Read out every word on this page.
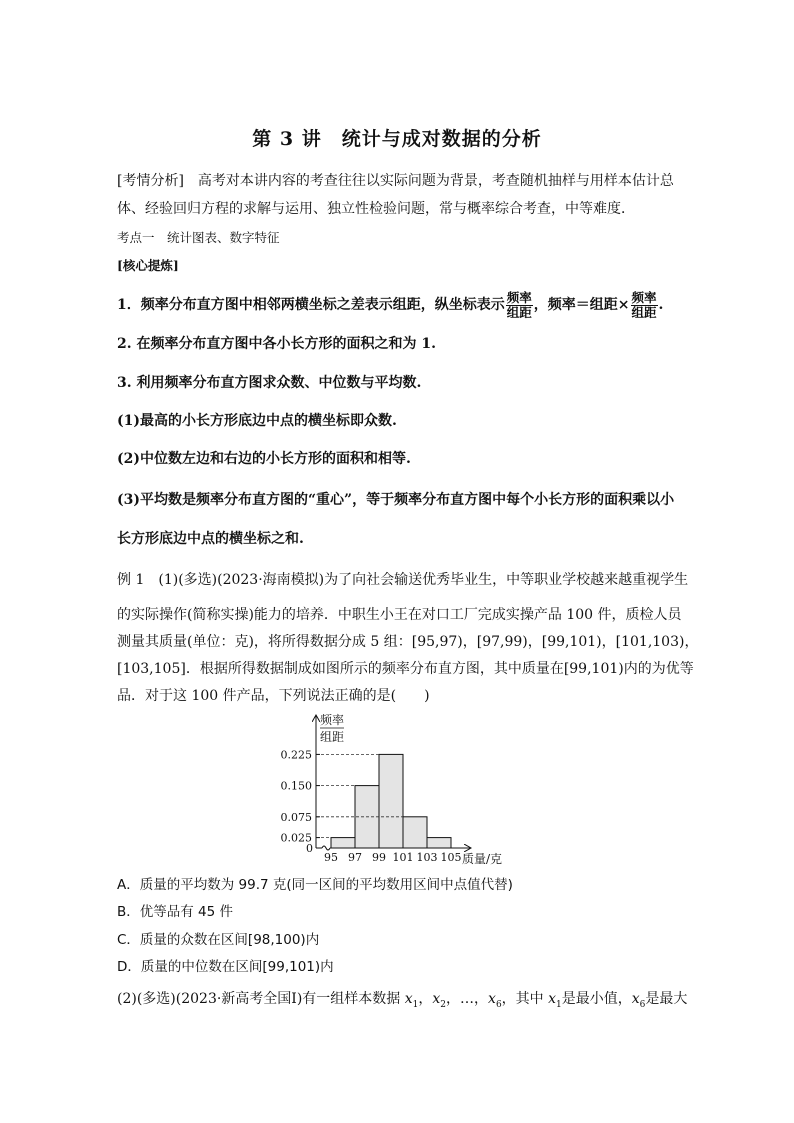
第 3 讲　统计与成对数据的分析
[考情分析]　高考对本讲内容的考查往往以实际问题为背景，考查随机抽样与用样本估计总
体、经验回归方程的求解与运用、独立性检验问题，常与概率综合考查，中等难度．
考点一　统计图表、数字特征
[核心提炼]
1．频率分布直方图中相邻两横坐标之差表示组距，纵坐标表示 $\frac{\text{频率}}{\text{组距}}$ ，频率＝组距× $\frac{\text{频率}}{\text{组距}}$ .
2. 在频率分布直方图中各小长方形的面积之和为 1.
3. 利用频率分布直方图求众数、中位数与平均数.
(1)最高的小长方形底边中点的横坐标即众数.
(2)中位数左边和右边的小长方形的面积和相等.
(3)平均数是频率分布直方图的“重心”，等于频率分布直方图中每个小长方形的面积乘以小
长方形底边中点的横坐标之和.
例 1　(1)(多选)(2023·海南模拟)为了向社会输送优秀毕业生，中等职业学校越来越重视学生
的实际操作(简称实操)能力的培养．中职生小王在对口工厂完成实操产品 100 件，质检人员
测量其质量(单位：克)，将所得数据分成 5 组：[95,97)，[97,99)，[99,101)，[101,103)，
[103,105]．根据所得数据制成如图所示的频率分布直方图，其中质量在[99,101)内的为优等
品．对于这 100 件产品，下列说法正确的是(　　)
0.225
0.150
0.075
0.025
0
95 97 99 101 103 105 质量/克
频率
组距
A．质量的平均数为 99.7 克(同一区间的平均数用区间中点值代替)
B．优等品有 45 件
C．质量的众数在区间[98,100)内
D．质量的中位数在区间[99,101)内
(2)(多选)(2023·新高考全国Ⅰ)有一组样本数据 $x_1$，$x_2$，…，$x_6$，其中 $x_1$是最小值，$x_6$是最大
